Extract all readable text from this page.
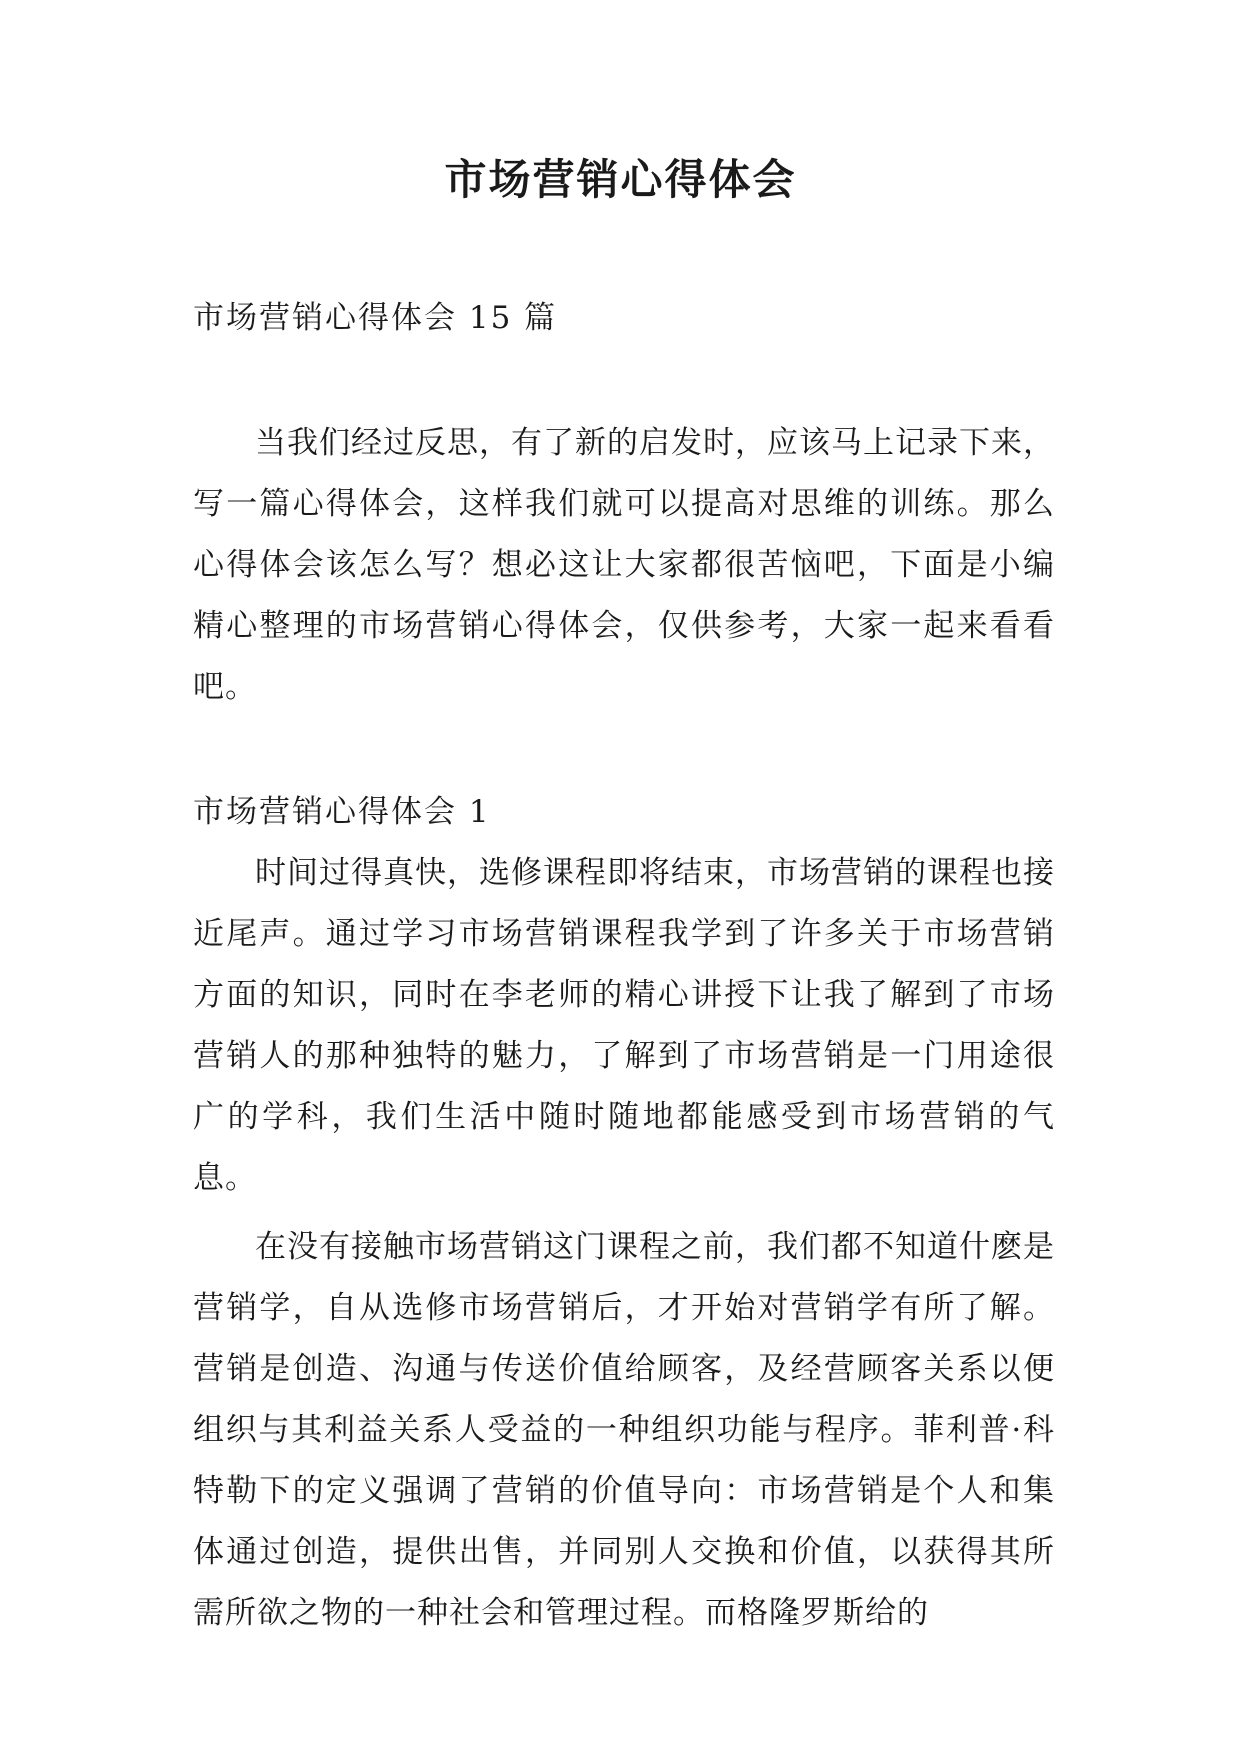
市场营销心得体会

市场营销心得体会 15 篇

当我们经过反思，有了新的启发时，应该马上记录下来，写一篇心得体会，这样我们就可以提高对思维的训练。那么心得体会该怎么写？想必这让大家都很苦恼吧，下面是小编精心整理的市场营销心得体会，仅供参考，大家一起来看看吧。

市场营销心得体会 1

时间过得真快，选修课程即将结束，市场营销的课程也接近尾声。通过学习市场营销课程我学到了许多关于市场营销方面的知识，同时在李老师的精心讲授下让我了解到了市场营销人的那种独特的魅力，了解到了市场营销是一门用途很广的学科，我们生活中随时随地都能感受到市场营销的气息。

在没有接触市场营销这门课程之前，我们都不知道什麽是营销学，自从选修市场营销后，才开始对营销学有所了解。营销是创造、沟通与传送价值给顾客，及经营顾客关系以便组织与其利益关系人受益的一种组织功能与程序。菲利普·科特勒下的定义强调了营销的价值导向：市场营销是个人和集体通过创造，提供出售，并同别人交换和价值，以获得其所需所欲之物的一种社会和管理过程。而格隆罗斯给的
